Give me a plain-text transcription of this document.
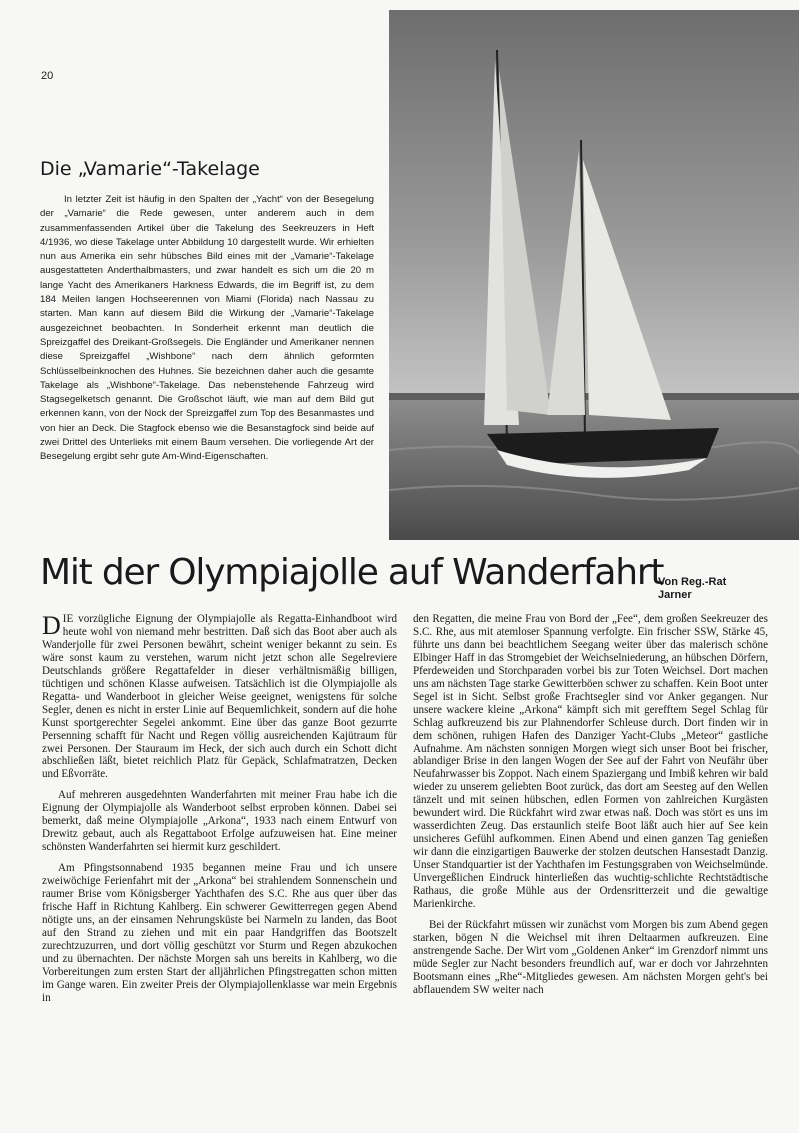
20
Die „Vamarie“-Takelage

In letzter Zeit ist häufig in den Spalten der „Yacht“ von der Besegelung der „Vamarie“ die Rede gewesen, unter anderem auch in dem zusammenfassenden Artikel über die Takelung des Seekreuzers in Heft 4/1936, wo diese Takelage unter Abbildung 10 dargestellt wurde. Wir erhielten nun aus Amerika ein sehr hübsches Bild eines mit der „Vamarie“-Takelage ausgestatteten Anderthalbmasters, und zwar handelt es sich um die 20 m lange Yacht des Amerikaners Harkness Edwards, die im Begriff ist, zu dem 184 Meilen langen Hochseerennen von Miami (Florida) nach Nassau zu starten. Man kann auf diesem Bild die Wirkung der „Vamarie“-Takelage ausgezeichnet beobachten. In Sonderheit erkennt man deutlich die Spreizgaffel des Dreikant-Großsegels. Die Engländer und Amerikaner nennen diese Spreizgaffel „Wishbone“ nach dem ähnlich geformten Schlüsselbeinknochen des Huhnes. Sie bezeichnen daher auch die gesamte Takelage als „Wishbone“-Takelage. Das nebenstehende Fahrzeug wird Stagsegelketsch genannt. Die Großschot läuft, wie man auf dem Bild gut erkennen kann, von der Nock der Spreizgaffel zum Top des Besanmastes und von hier an Deck. Die Stagfock ebenso wie die Besanstagfock sind beide auf zwei Drittel des Unterlieks mit einem Baum versehen. Die vorliegende Art der Besegelung ergibt sehr gute Am-Wind-Eigenschaften.

Mit der Olympiajolle auf Wanderfahrt
Von Reg.-Rat
Jarner

DIE vorzügliche Eignung der Olympiajolle als Regatta-Einhandboot wird heute wohl von niemand mehr bestritten. Daß sich das Boot aber auch als Wanderjolle für zwei Personen bewährt, scheint weniger bekannt zu sein. Es wäre sonst kaum zu verstehen, warum nicht jetzt schon alle Segelreviere Deutschlands größere Regattafelder in dieser verhältnismäßig billigen, tüchtigen und schönen Klasse aufweisen. Tatsächlich ist die Olympiajolle als Regatta- und Wanderboot in gleicher Weise geeignet, wenigstens für solche Segler, denen es nicht in erster Linie auf Bequemlichkeit, sondern auf die hohe Kunst sportgerechter Segelei ankommt. Eine über das ganze Boot gezurrte Persenning schafft für Nacht und Regen völlig ausreichenden Kajütraum für zwei Personen. Der Stauraum im Heck, der sich auch durch ein Schott dicht abschließen läßt, bietet reichlich Platz für Gepäck, Schlafmatratzen, Decken und Eßvorräte.

Auf mehreren ausgedehnten Wanderfahrten mit meiner Frau habe ich die Eignung der Olympiajolle als Wanderboot selbst erproben können. Dabei sei bemerkt, daß meine Olympiajolle „Arkona“, 1933 nach einem Entwurf von Drewitz gebaut, auch als Regattaboot Erfolge aufzuweisen hat. Eine meiner schönsten Wanderfahrten sei hiermit kurz geschildert.

Am Pfingstsonnabend 1935 begannen meine Frau und ich unsere zweiwöchige Ferienfahrt mit der „Arkona“ bei strahlendem Sonnenschein und raumer Brise vom Königsberger Yachthafen des S.C. Rhe aus quer über das frische Haff in Richtung Kahlberg. Ein schwerer Gewitterregen gegen Abend nötigte uns, an der einsamen Nehrungsküste bei Narmeln zu landen, das Boot auf den Strand zu ziehen und mit ein paar Handgriffen das Bootszelt zurechtzuzurren, und dort völlig geschützt vor Sturm und Regen abzukochen und zu übernachten. Der nächste Morgen sah uns bereits in Kahlberg, wo die Vorbereitungen zum ersten Start der alljährlichen Pfingstregatten schon mitten im Gange waren. Ein zweiter Preis der Olympiajollenklasse war mein Ergebnis in

den Regatten, die meine Frau von Bord der „Fee“, dem großen Seekreuzer des S.C. Rhe, aus mit atemloser Spannung verfolgte. Ein frischer SSW, Stärke 45, führte uns dann bei beachtlichem Seegang weiter über das malerisch schöne Elbinger Haff in das Stromgebiet der Weichselniederung, an hübschen Dörfern, Pferdeweiden und Storchparaden vorbei bis zur Toten Weichsel. Dort machen uns am nächsten Tage starke Gewitterböen schwer zu schaffen. Kein Boot unter Segel ist in Sicht. Selbst große Frachtsegler sind vor Anker gegangen. Nur unsere wackere kleine „Arkona“ kämpft sich mit gerefftem Segel Schlag für Schlag aufkreuzend bis zur Plahnendorfer Schleuse durch. Dort finden wir in dem schönen, ruhigen Hafen des Danziger Yacht-Clubs „Meteor“ gastliche Aufnahme. Am nächsten sonnigen Morgen wiegt sich unser Boot bei frischer, ablandiger Brise in den langen Wogen der See auf der Fahrt von Neufähr über Neufahrwasser bis Zoppot. Nach einem Spaziergang und Imbiß kehren wir bald wieder zu unserem geliebten Boot zurück, das dort am Seesteg auf den Wellen tänzelt und mit seinen hübschen, edlen Formen von zahlreichen Kurgästen bewundert wird. Die Rückfahrt wird zwar etwas naß. Doch was stört es uns im wasserdichten Zeug. Das erstaunlich steife Boot läßt auch hier auf See kein unsicheres Gefühl aufkommen. Einen Abend und einen ganzen Tag genießen wir dann die einzigartigen Bauwerke der stolzen deutschen Hansestadt Danzig. Unser Standquartier ist der Yachthafen im Festungsgraben von Weichselmünde. Unvergeßlichen Eindruck hinterließen das wuchtig-schlichte Rechtstädtische Rathaus, die große Mühle aus der Ordensritterzeit und die gewaltige Marienkirche.

Bei der Rückfahrt müssen wir zunächst vom Morgen bis zum Abend gegen starken, bögen N die Weichsel mit ihren Deltaarmen aufkreuzen. Eine anstrengende Sache. Der Wirt vom „Goldenen Anker“ im Grenzdorf nimmt uns müde Segler zur Nacht besonders freundlich auf, war er doch vor Jahrzehnten Bootsmann eines „Rhe“-Mitgliedes gewesen. Am nächsten Morgen geht's bei abflauendem SW weiter nach
